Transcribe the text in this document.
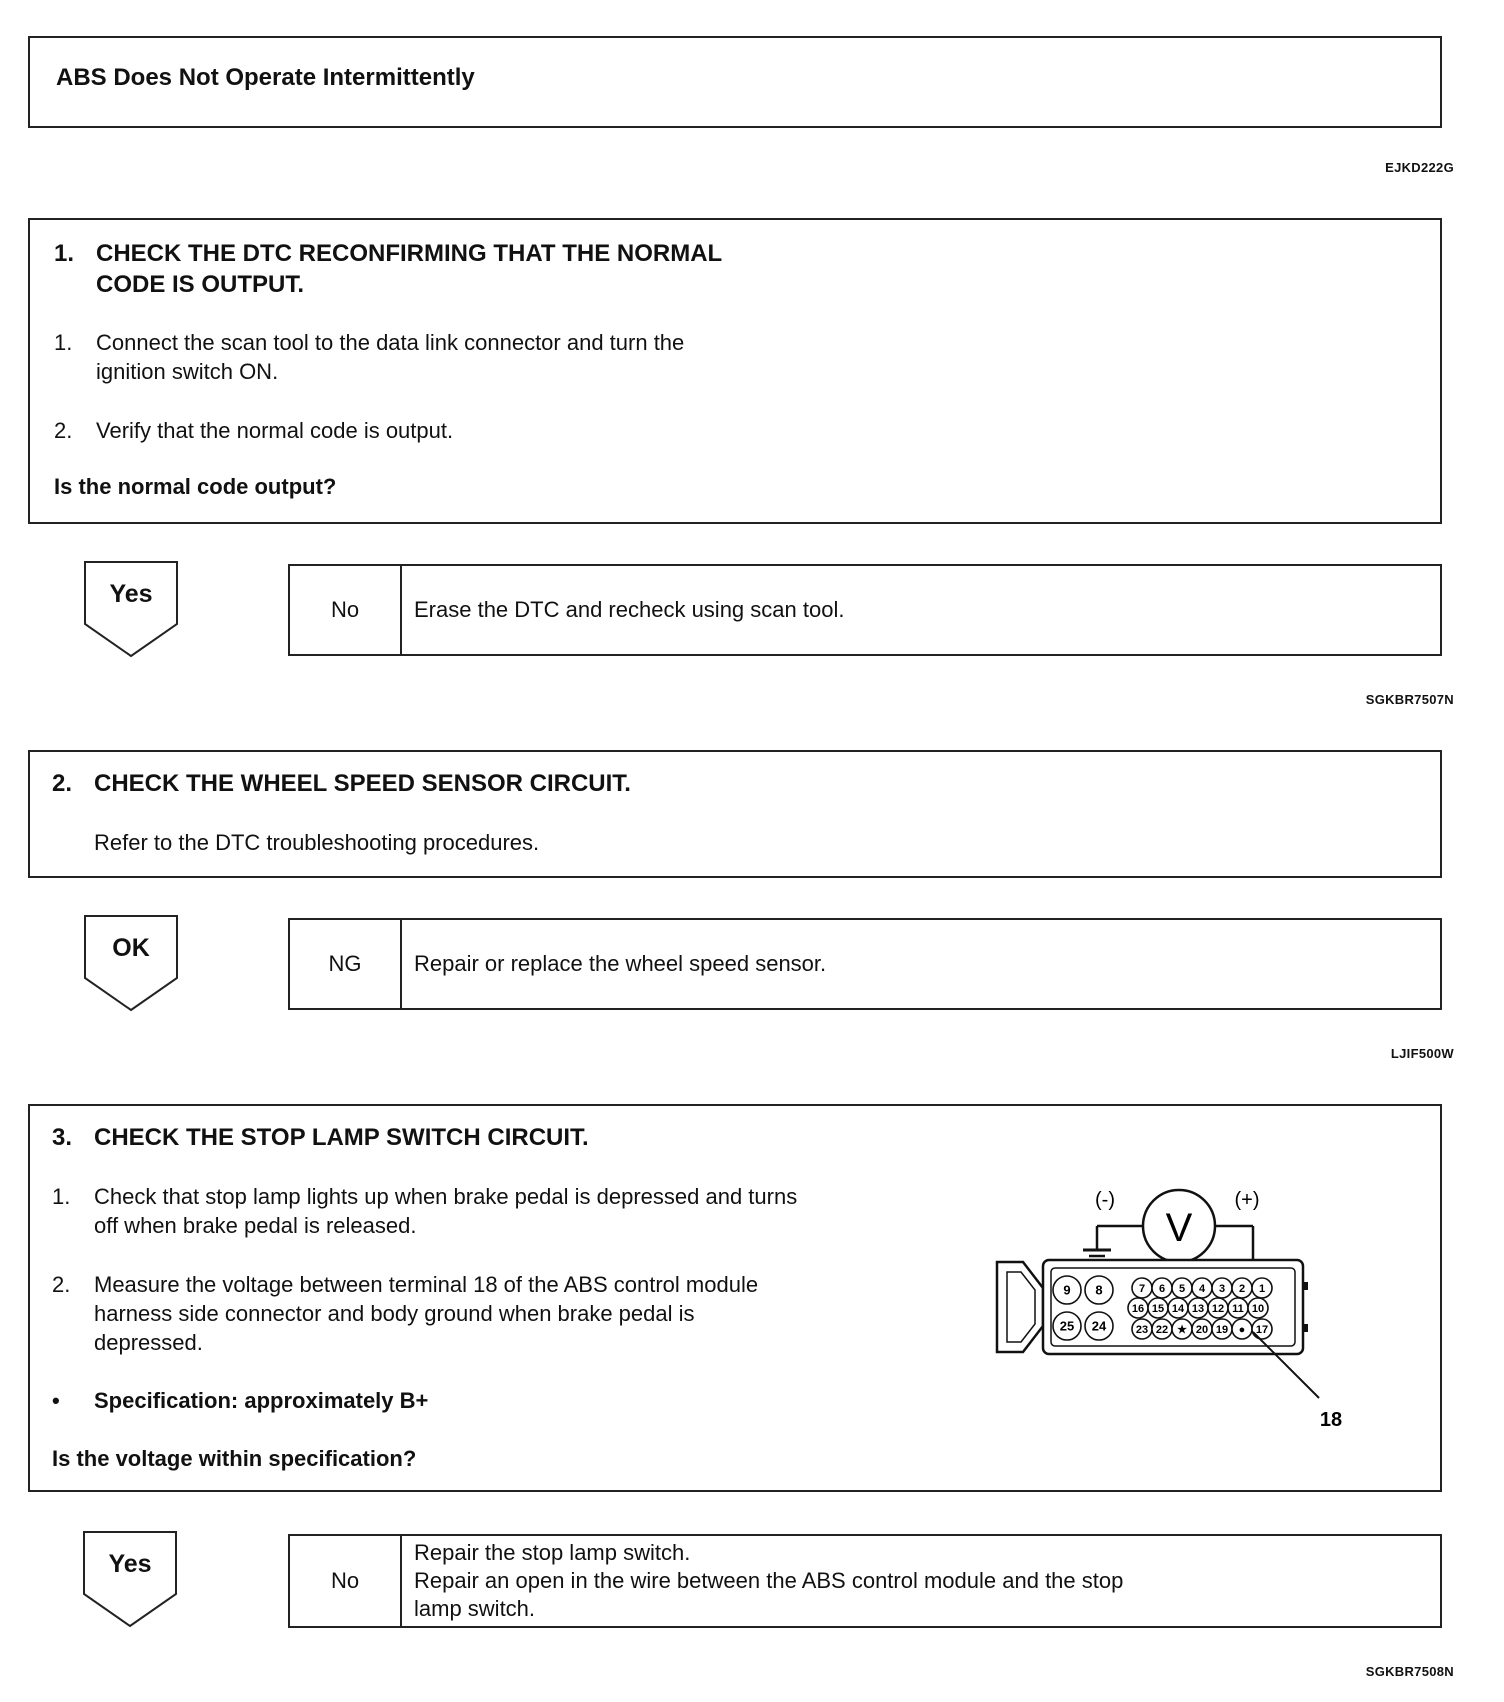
ABS Does Not Operate Intermittently
EJKD222G
1. CHECK THE DTC RECONFIRMING THAT THE NORMAL
CODE IS OUTPUT.
1. Connect the scan tool to the data link connector and turn the
ignition switch ON.
2. Verify that the normal code is output.
Is the normal code output?
Yes
No	Erase the DTC and recheck using scan tool.
SGKBR7507N
2. CHECK THE WHEEL SPEED SENSOR CIRCUIT.
Refer to the DTC troubleshooting procedures.
OK
NG	Repair or replace the wheel speed sensor.
LJIF500W
3. CHECK THE STOP LAMP SWITCH CIRCUIT.
1. Check that stop lamp lights up when brake pedal is depressed and turns
off when brake pedal is released.
2. Measure the voltage between terminal 18 of the ABS control module
harness side connector and body ground when brake pedal is
depressed.
• Specification: approximately B+
Is the voltage within specification?
V
(-)	(+)
9 8
25 24
7 6 5 4 3 2 1
16 15 14 13 12 11 10
23 22 ★ 20 19 ● 17
18
Yes
No
Repair the stop lamp switch.
Repair an open in the wire between the ABS control module and the stop
lamp switch.
SGKBR7508N
